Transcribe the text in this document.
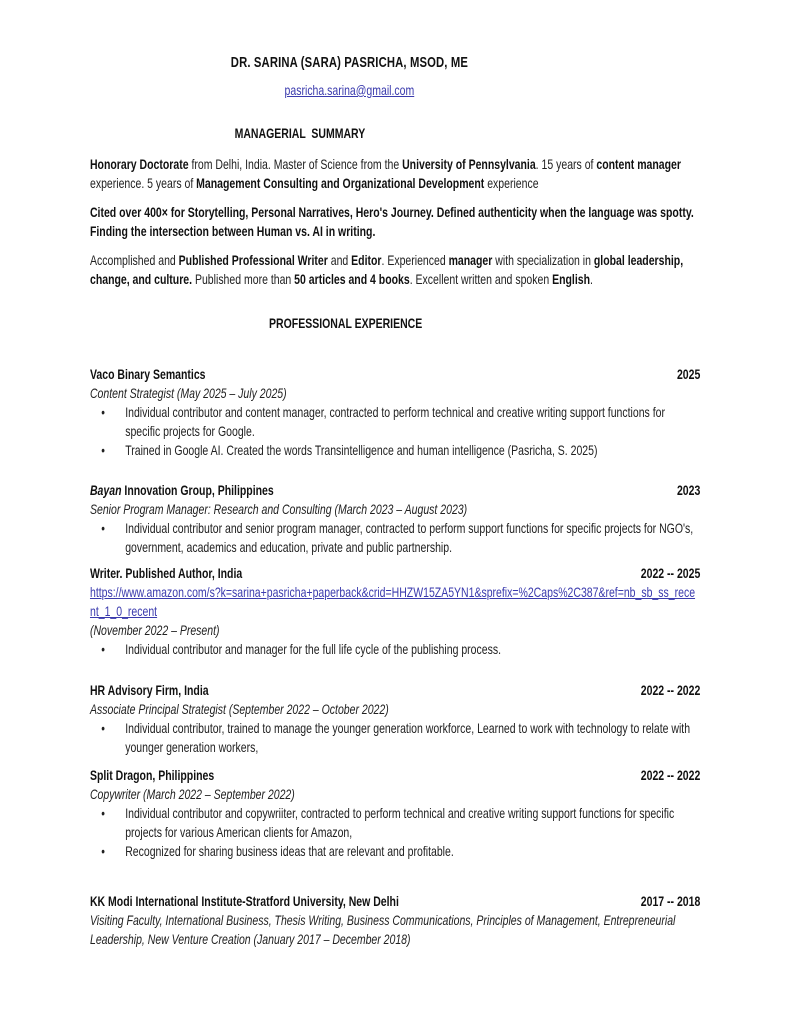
DR. SARINA (SARA) PASRICHA, MSOD, ME
pasricha.sarina@gmail.com
MANAGERIAL  SUMMARY

Honorary Doctorate from Delhi, India. Master of Science from the University of Pennsylvania. 15 years of content manager experience. 5 years of Management Consulting and Organizational Development experience

Cited over 400× for Storytelling, Personal Narratives, Hero's Journey. Defined authenticity when the language was spotty. Finding the intersection between Human vs. AI in writing.

Accomplished and Published Professional Writer and Editor. Experienced manager with specialization in global leadership, change, and culture. Published more than 50 articles and 4 books. Excellent written and spoken English.

PROFESSIONAL EXPERIENCE
Vaco Binary Semantics	2025

Content Strategist (May 2025 – July 2025)

• Individual contributor and content manager, contracted to perform technical and creative writing support functions for specific projects for Google.
• Trained in Google AI. Created the words Transintelligence and human intelligence (Pasricha, S. 2025)
Bayan Innovation Group, Philippines	2023

Senior Program Manager: Research and Consulting (March 2023 – August 2023)

• Individual contributor and senior program manager, contracted to perform support functions for specific projects for NGO's, government, academics and education, private and public partnership.
Writer. Published Author, India	2022 -- 2025
https://www.amazon.com/s?k=sarina+pasricha+paperback&crid=HHZW15ZA5YN1&sprefix=%2Caps%2C387&ref=nb_sb_ss_recent_1_0_recent

(November 2022 – Present)

• Individual contributor and manager for the full life cycle of the publishing process.
HR Advisory Firm, India	2022 -- 2022

Associate Principal Strategist (September 2022 – October 2022)

• Individual contributor, trained to manage the younger generation workforce, Learned to work with technology to relate with younger generation workers,
Split Dragon, Philippines	2022 -- 2022

Copywriter (March 2022 – September 2022)

• Individual contributor and copywriiter, contracted to perform technical and creative writing support functions for specific projects for various American clients for Amazon,
• Recognized for sharing business ideas that are relevant and profitable.
KK Modi International Institute-Stratford University, New Delhi	2017 -- 2018

Visiting Faculty, International Business, Thesis Writing, Business Communications, Principles of Management, Entrepreneurial Leadership, New Venture Creation (January 2017 – December 2018)
